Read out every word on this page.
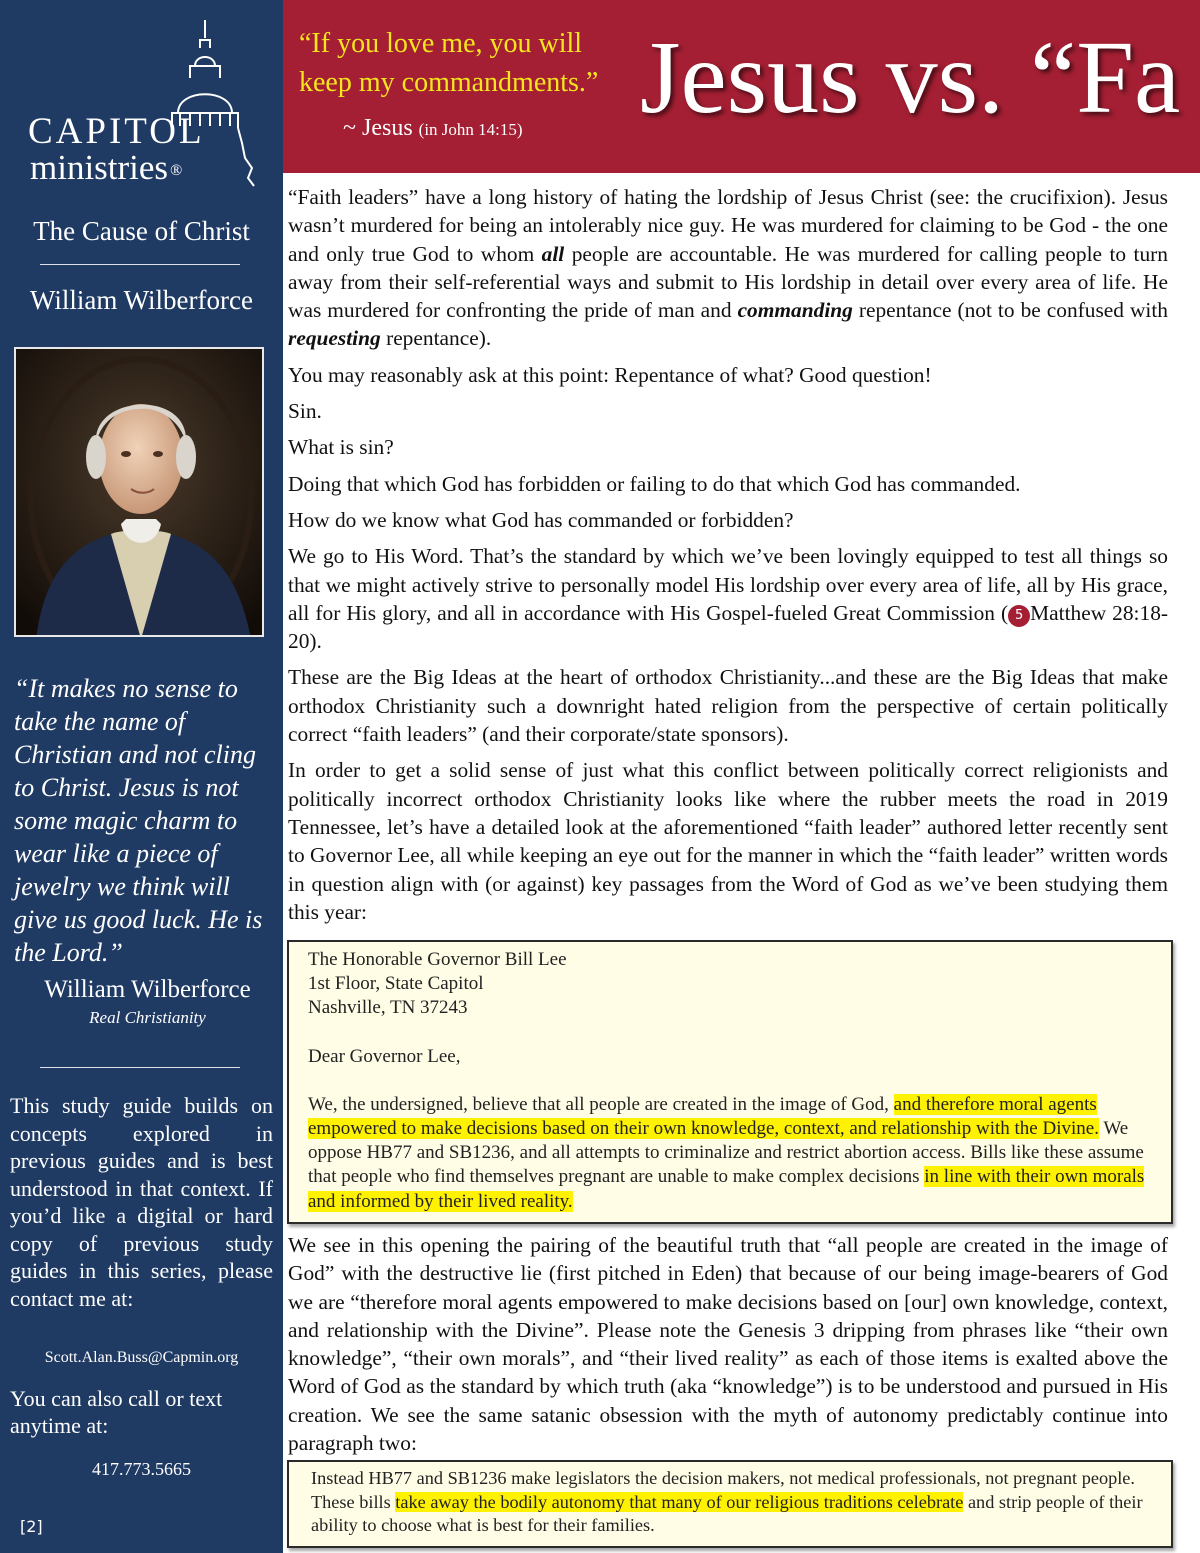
CAPITOL
ministries ®
The Cause of Christ
William Wilberforce
“It makes no sense to take the name of Christian and not cling to Christ. Jesus is not some magic charm to wear like a piece of jewelry we think will give us good luck. He is the Lord.”
William Wilberforce
Real Christianity
This study guide builds on concepts explored in previous guides and is best understood in that context. If you’d like a digital or hard copy of previous study guides in this series, please contact me at:
Scott.Alan.Buss@Capmin.org
You can also call or text anytime at:
417.773.5665
[2]
“If you love me, you will
keep my commandments.”
~ Jesus (in John 14:15) Jesus vs. “Fa

“Faith leaders” have a long history of hating the lordship of Jesus Christ (see: the crucifixion). Jesus wasn’t murdered for being an intolerably nice guy. He was murdered for claiming to be God - the one and only true God to whom all people are accountable. He was murdered for calling people to turn away from their self-referential ways and submit to His lordship in detail over every area of life. He was murdered for confronting the pride of man and commanding repentance (not to be confused with requesting repentance).

You may reasonably ask at this point: Repentance of what? Good question!

Sin.

What is sin?

Doing that which God has forbidden or failing to do that which God has commanded.

How do we know what God has commanded or forbidden?

We go to His Word. That’s the standard by which we’ve been lovingly equipped to test all things so that we might actively strive to personally model His lordship over every area of life, all by His grace, all for His glory, and all in accordance with His Gospel-fueled Great Commission ( 5 Matthew 28:18-20).

These are the Big Ideas at the heart of orthodox Christianity...and these are the Big Ideas that make orthodox Christianity such a downright hated religion from the perspective of certain politically correct “faith leaders” (and their corporate/state sponsors).

In order to get a solid sense of just what this conflict between politically correct religionists and politically incorrect orthodox Christianity looks like where the rubber meets the road in 2019 Tennessee, let’s have a detailed look at the aforementioned “faith leader” authored letter recently sent to Governor Lee, all while keeping an eye out for the manner in which the “faith leader” written words in question align with (or against) key passages from the Word of God as we’ve been studying them this year:

The Honorable Governor Bill Lee
1st Floor, State Capitol
Nashville, TN 37243
Dear Governor Lee,
We, the undersigned, believe that all people are created in the image of God, and therefore moral agents empowered to make decisions based on their own knowledge, context, and relationship with the Divine. We oppose HB77 and SB1236, and all attempts to criminalize and restrict abortion access. Bills like these assume that people who find themselves pregnant are unable to make complex decisions in line with their own morals and informed by their lived reality.

We see in this opening the pairing of the beautiful truth that “all people are created in the image of God” with the destructive lie (first pitched in Eden) that because of our being image-bearers of God we are “therefore moral agents empowered to make decisions based on [our] own knowledge, context, and relationship with the Divine”. Please note the Genesis 3 dripping from phrases like “their own knowledge”, “their own morals”, and “their lived reality” as each of those items is exalted above the Word of God as the standard by which truth (aka “knowledge”) is to be understood and pursued in His creation. We see the same satanic obsession with the myth of autonomy predictably continue into paragraph two:

Instead HB77 and SB1236 make legislators the decision makers, not medical professionals, not pregnant people. These bills take away the bodily autonomy that many of our religious traditions celebrate and strip people of their ability to choose what is best for their families.
